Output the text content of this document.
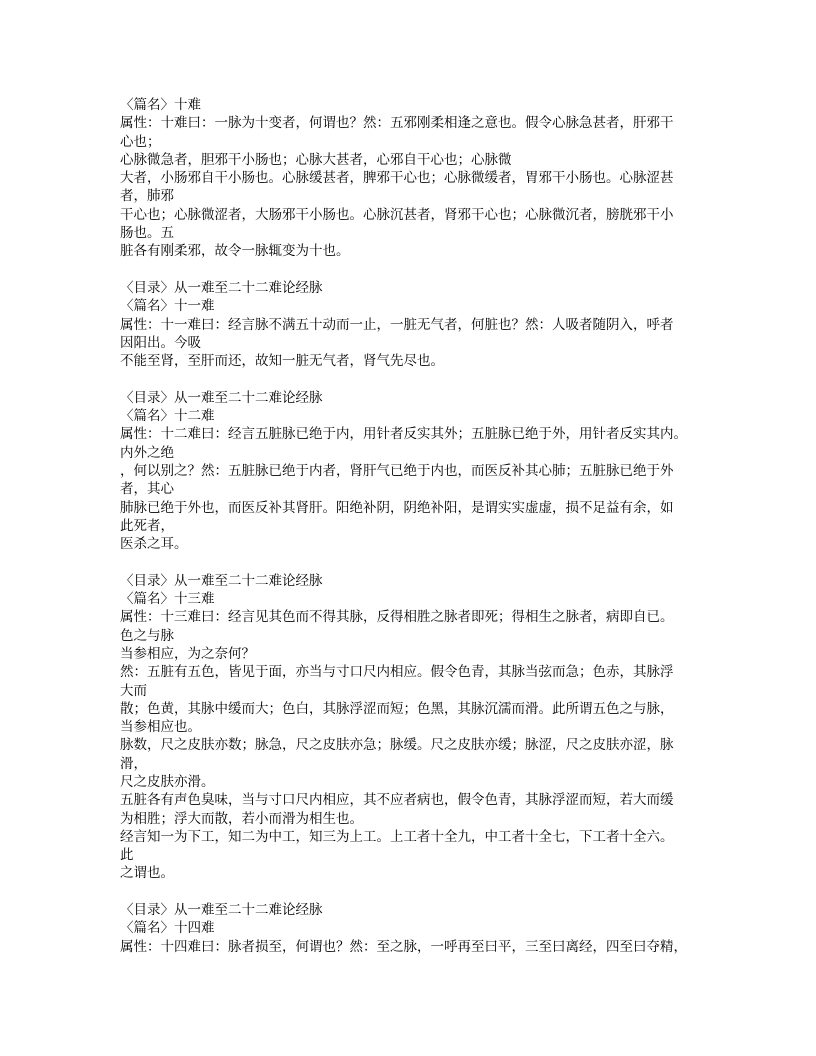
〈篇名〉十难
属性：十难曰：一脉为十变者，何谓也？然：五邪刚柔相逢之意也。假令心脉急甚者，肝邪干
心也；
心脉微急者，胆邪干小肠也；心脉大甚者，心邪自干心也；心脉微
大者，小肠邪自干小肠也。心脉缓甚者，脾邪干心也；心脉微缓者，胃邪干小肠也。心脉涩甚
者，肺邪
干心也；心脉微涩者，大肠邪干小肠也。心脉沉甚者，肾邪干心也；心脉微沉者，膀胱邪干小
肠也。五
脏各有刚柔邪，故令一脉辄变为十也。
〈目录〉从一难至二十二难论经脉
〈篇名〉十一难
属性：十一难曰：经言脉不满五十动而一止，一脏无气者，何脏也？然：人吸者随阴入，呼者
因阳出。今吸
不能至肾，至肝而还，故知一脏无气者，肾气先尽也。
〈目录〉从一难至二十二难论经脉
〈篇名〉十二难
属性：十二难曰：经言五脏脉已绝于内，用针者反实其外；五脏脉已绝于外，用针者反实其内。
内外之绝
，何以别之？然：五脏脉已绝于内者，肾肝气已绝于内也，而医反补其心肺；五脏脉已绝于外
者，其心
肺脉已绝于外也，而医反补其肾肝。阳绝补阴，阴绝补阳，是谓实实虚虚，损不足益有余，如
此死者，
医杀之耳。
〈目录〉从一难至二十二难论经脉
〈篇名〉十三难
属性：十三难曰：经言见其色而不得其脉，反得相胜之脉者即死；得相生之脉者，病即自已。
色之与脉
当参相应，为之奈何？
然：五脏有五色，皆见于面，亦当与寸口尺内相应。假令色青，其脉当弦而急；色赤，其脉浮
大而
散；色黄，其脉中缓而大；色白，其脉浮涩而短；色黑，其脉沉濡而滑。此所谓五色之与脉，
当参相应也。
脉数，尺之皮肤亦数；脉急，尺之皮肤亦急；脉缓。尺之皮肤亦缓；脉涩，尺之皮肤亦涩，脉
滑，
尺之皮肤亦滑。
五脏各有声色臭味，当与寸口尺内相应，其不应者病也，假令色青，其脉浮涩而短，若大而缓
为相胜；浮大而散，若小而滑为相生也。
经言知一为下工，知二为中工，知三为上工。上工者十全九，中工者十全七，下工者十全六。
此
之谓也。
〈目录〉从一难至二十二难论经脉
〈篇名〉十四难
属性：十四难曰：脉者损至，何谓也？然：至之脉，一呼再至曰平，三至曰离经，四至曰夺精，
